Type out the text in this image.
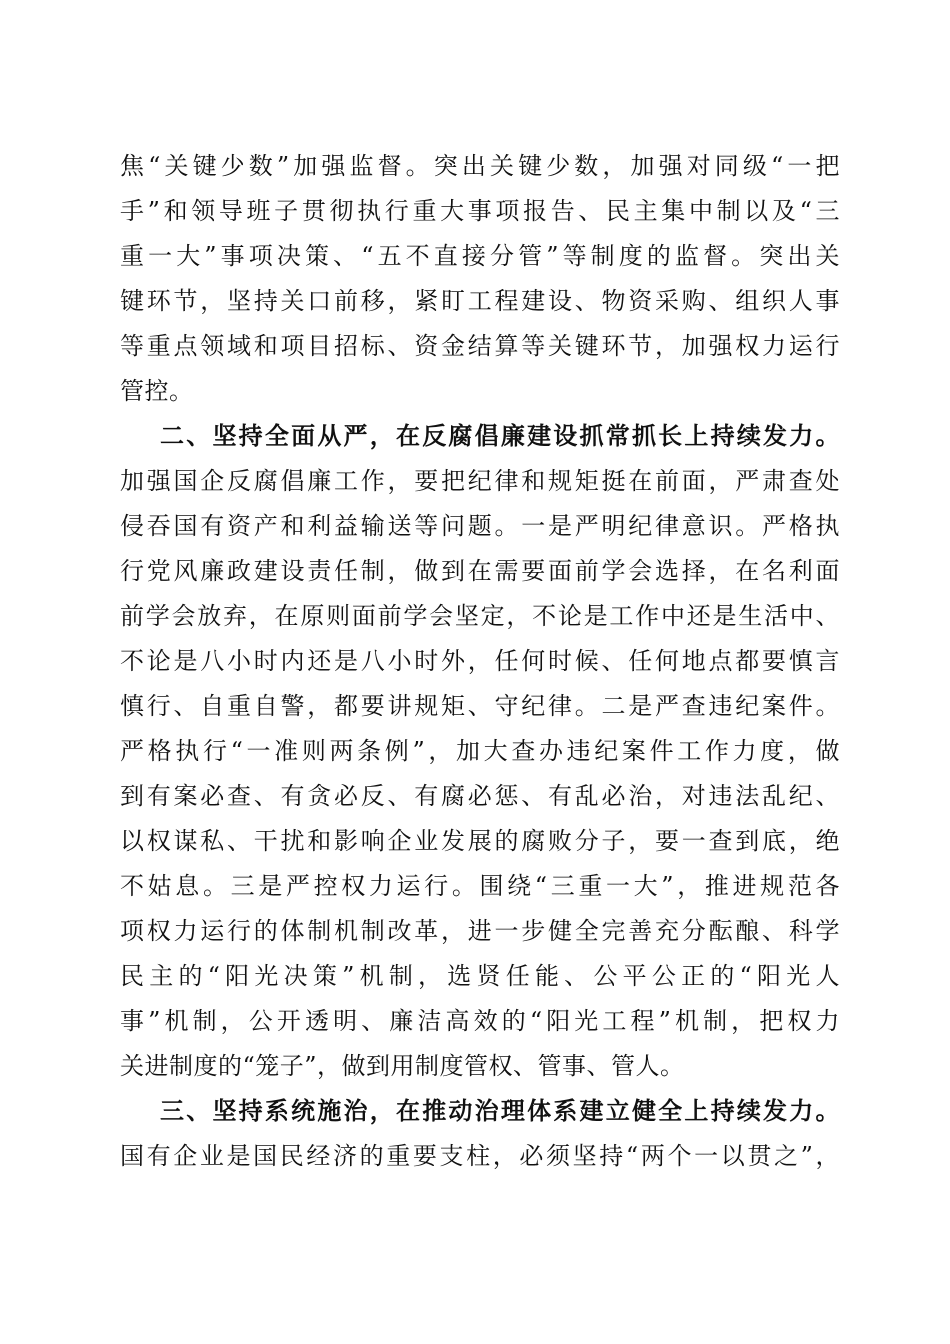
焦“关键少数”加强监督。突出关键少数，加强对同级“一把
手”和领导班子贯彻执行重大事项报告、民主集中制以及“三
重一大”事项决策、“五不直接分管”等制度的监督。突出关
键环节，坚持关口前移，紧盯工程建设、物资采购、组织人事
等重点领域和项目招标、资金结算等关键环节，加强权力运行
管控。
二、坚持全面从严，在反腐倡廉建设抓常抓长上持续发力。
加强国企反腐倡廉工作，要把纪律和规矩挺在前面，严肃查处
侵吞国有资产和利益输送等问题。一是严明纪律意识。严格执
行党风廉政建设责任制，做到在需要面前学会选择，在名利面
前学会放弃，在原则面前学会坚定，不论是工作中还是生活中、
不论是八小时内还是八小时外，任何时候、任何地点都要慎言
慎行、自重自警，都要讲规矩、守纪律。二是严查违纪案件。
严格执行“一准则两条例”，加大查办违纪案件工作力度，做
到有案必查、有贪必反、有腐必惩、有乱必治，对违法乱纪、
以权谋私、干扰和影响企业发展的腐败分子，要一查到底，绝
不姑息。三是严控权力运行。围绕“三重一大”，推进规范各
项权力运行的体制机制改革，进一步健全完善充分酝酿、科学
民主的“阳光决策”机制，选贤任能、公平公正的“阳光人
事”机制，公开透明、廉洁高效的“阳光工程”机制，把权力
关进制度的“笼子”，做到用制度管权、管事、管人。
三、坚持系统施治，在推动治理体系建立健全上持续发力。
国有企业是国民经济的重要支柱，必须坚持“两个一以贯之”，
